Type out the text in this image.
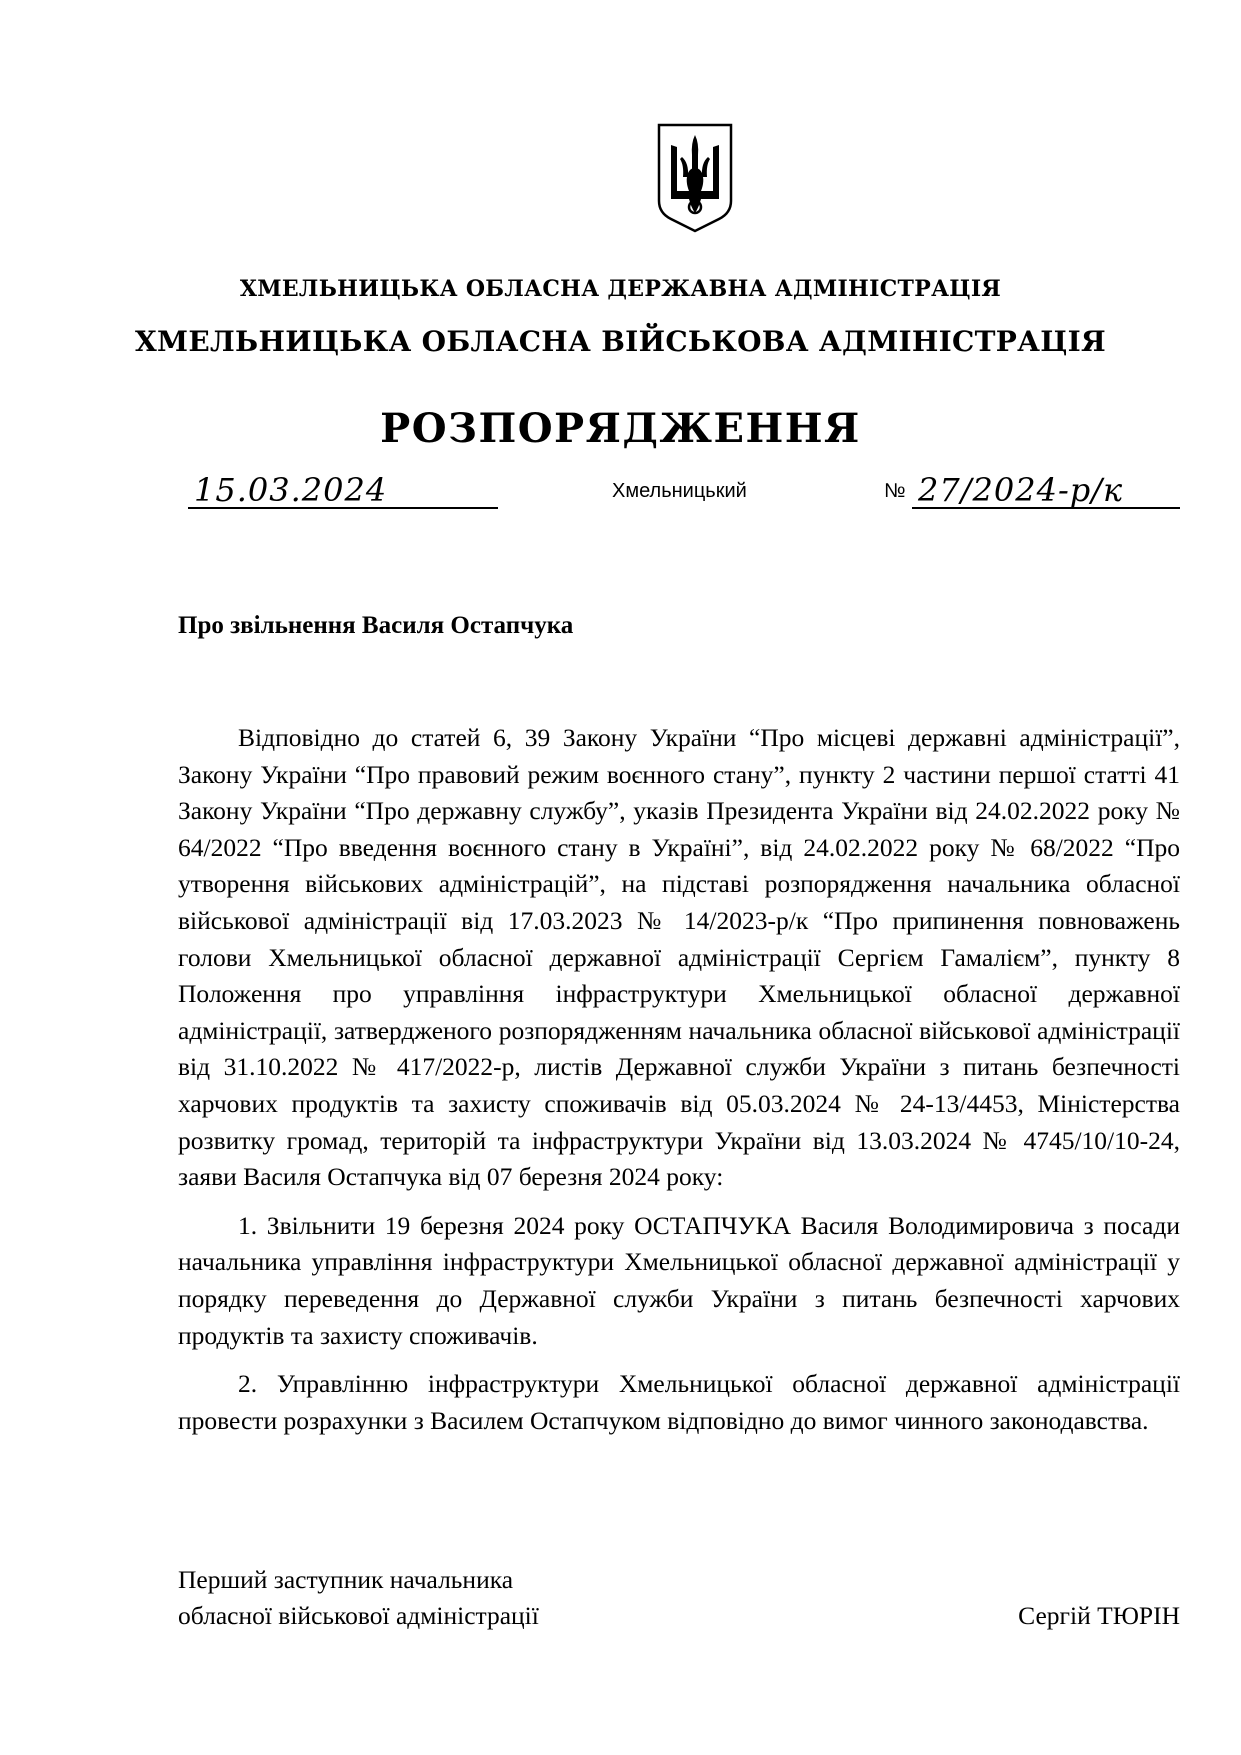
ХМЕЛЬНИЦЬКА ОБЛАСНА ДЕРЖАВНА АДМІНІСТРАЦІЯ
ХМЕЛЬНИЦЬКА ОБЛАСНА ВІЙСЬКОВА АДМІНІСТРАЦІЯ
РОЗПОРЯДЖЕННЯ
15.03.2024	Хмельницький	№ 27/2024-р/к
Про звільнення Василя Остапчука

Відповідно до статей 6, 39 Закону України “Про місцеві державні адміністрації”, Закону України “Про правовий режим воєнного стану”, пункту 2 частини першої статті 41 Закону України “Про державну службу”, указів Президента України від 24.02.2022 року № 64/2022 “Про введення воєнного стану в Україні”, від 24.02.2022 року № 68/2022 “Про утворення військових адміністрацій”, на підставі розпорядження начальника обласної військової адміністрації від 17.03.2023 № 14/2023-р/к “Про припинення повноважень голови Хмельницької обласної державної адміністрації Сергієм Гамалієм”, пункту 8 Положення про управління інфраструктури Хмельницької обласної державної адміністрації, затвердженого розпорядженням начальника обласної військової адміністрації від 31.10.2022 № 417/2022-р, листів Державної служби України з питань безпечності харчових продуктів та захисту споживачів від 05.03.2024 № 24-13/4453, Міністерства розвитку громад, територій та інфраструктури України від 13.03.2024 № 4745/10/10-24, заяви Василя Остапчука від 07 березня 2024 року:

1. Звільнити 19 березня 2024 року ОСТАПЧУКА Василя Володимировича з посади начальника управління інфраструктури Хмельницької обласної державної адміністрації у порядку переведення до Державної служби України з питань безпечності харчових продуктів та захисту споживачів.

2. Управлінню інфраструктури Хмельницької обласної державної адміністрації провести розрахунки з Василем Остапчуком відповідно до вимог чинного законодавства.

Перший заступник начальника
обласної військової адміністрації	Сергій ТЮРІН
